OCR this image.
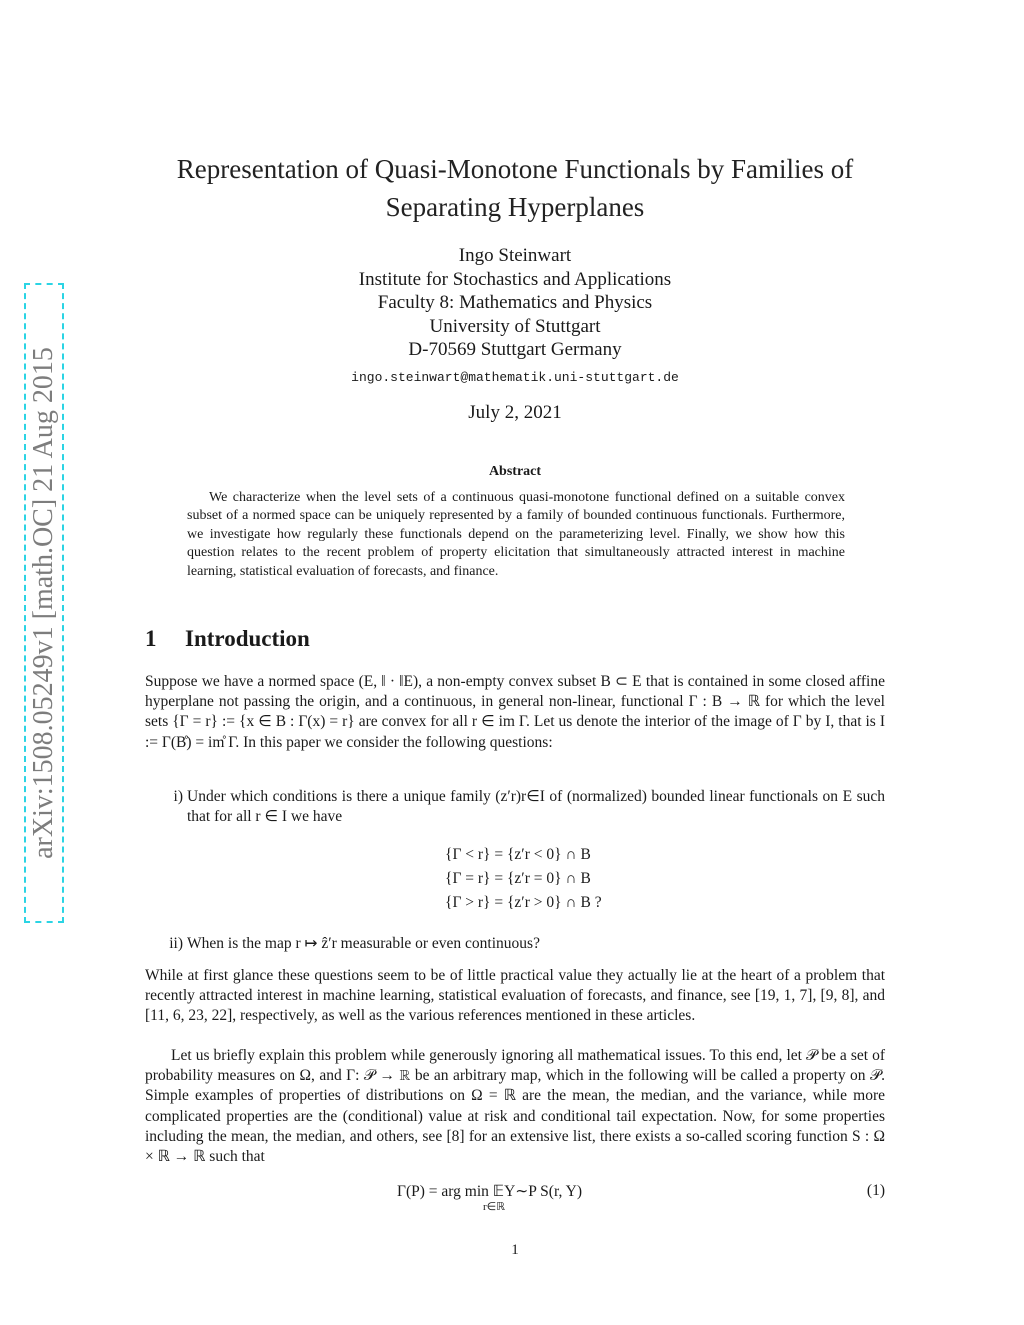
arXiv:1508.05249v1 [math.OC] 21 Aug 2015
Representation of Quasi-Monotone Functionals by Families of
Separating Hyperplanes
Ingo Steinwart
Institute for Stochastics and Applications
Faculty 8: Mathematics and Physics
University of Stuttgart
D-70569 Stuttgart Germany
ingo.steinwart@mathematik.uni-stuttgart.de
July 2, 2021
Abstract
We characterize when the level sets of a continuous quasi-monotone functional defined on a suitable convex subset of a normed space can be uniquely represented by a family of bounded continuous functionals. Furthermore, we investigate how regularly these functionals depend on the parameterizing level. Finally, we show how this question relates to the recent problem of property elicitation that simultaneously attracted interest in machine learning, statistical evaluation of forecasts, and finance.
1 Introduction
Suppose we have a normed space (E, ‖ · ‖E), a non-empty convex subset B ⊂ E that is contained in some closed affine hyperplane not passing the origin, and a continuous, in general non-linear, functional Γ : B → ℝ for which the level sets {Γ = r} := {x ∈ B : Γ(x) = r} are convex for all r ∈ im Γ. Let us denote the interior of the image of Γ by I, that is I := Γ(B̊) = im̊ Γ. In this paper we consider the following questions:
i) Under which conditions is there a unique family (z′r)r∈I of (normalized) bounded linear functionals on E such that for all r ∈ I we have
{Γ < r} = {z′r < 0} ∩ B
{Γ = r} = {z′r = 0} ∩ B
{Γ > r} = {z′r > 0} ∩ B ?
ii) When is the map r ↦ ẑ′r measurable or even continuous?
While at first glance these questions seem to be of little practical value they actually lie at the heart of a problem that recently attracted interest in machine learning, statistical evaluation of forecasts, and finance, see [19, 1, 7], [9, 8], and [11, 6, 23, 22], respectively, as well as the various references mentioned in these articles.
Let us briefly explain this problem while generously ignoring all mathematical issues. To this end, let 𝒫 be a set of probability measures on Ω, and Γ: 𝒫 → ℝ be an arbitrary map, which in the following will be called a property on 𝒫. Simple examples of properties of distributions on Ω = ℝ are the mean, the median, and the variance, while more complicated properties are the (conditional) value at risk and conditional tail expectation. Now, for some properties including the mean, the median, and others, see [8] for an extensive list, there exists a so-called scoring function S : Ω × ℝ → ℝ such that
Γ(P) = arg min 𝔼Y∼P S(r, Y)
r∈ℝ
(1)
1
